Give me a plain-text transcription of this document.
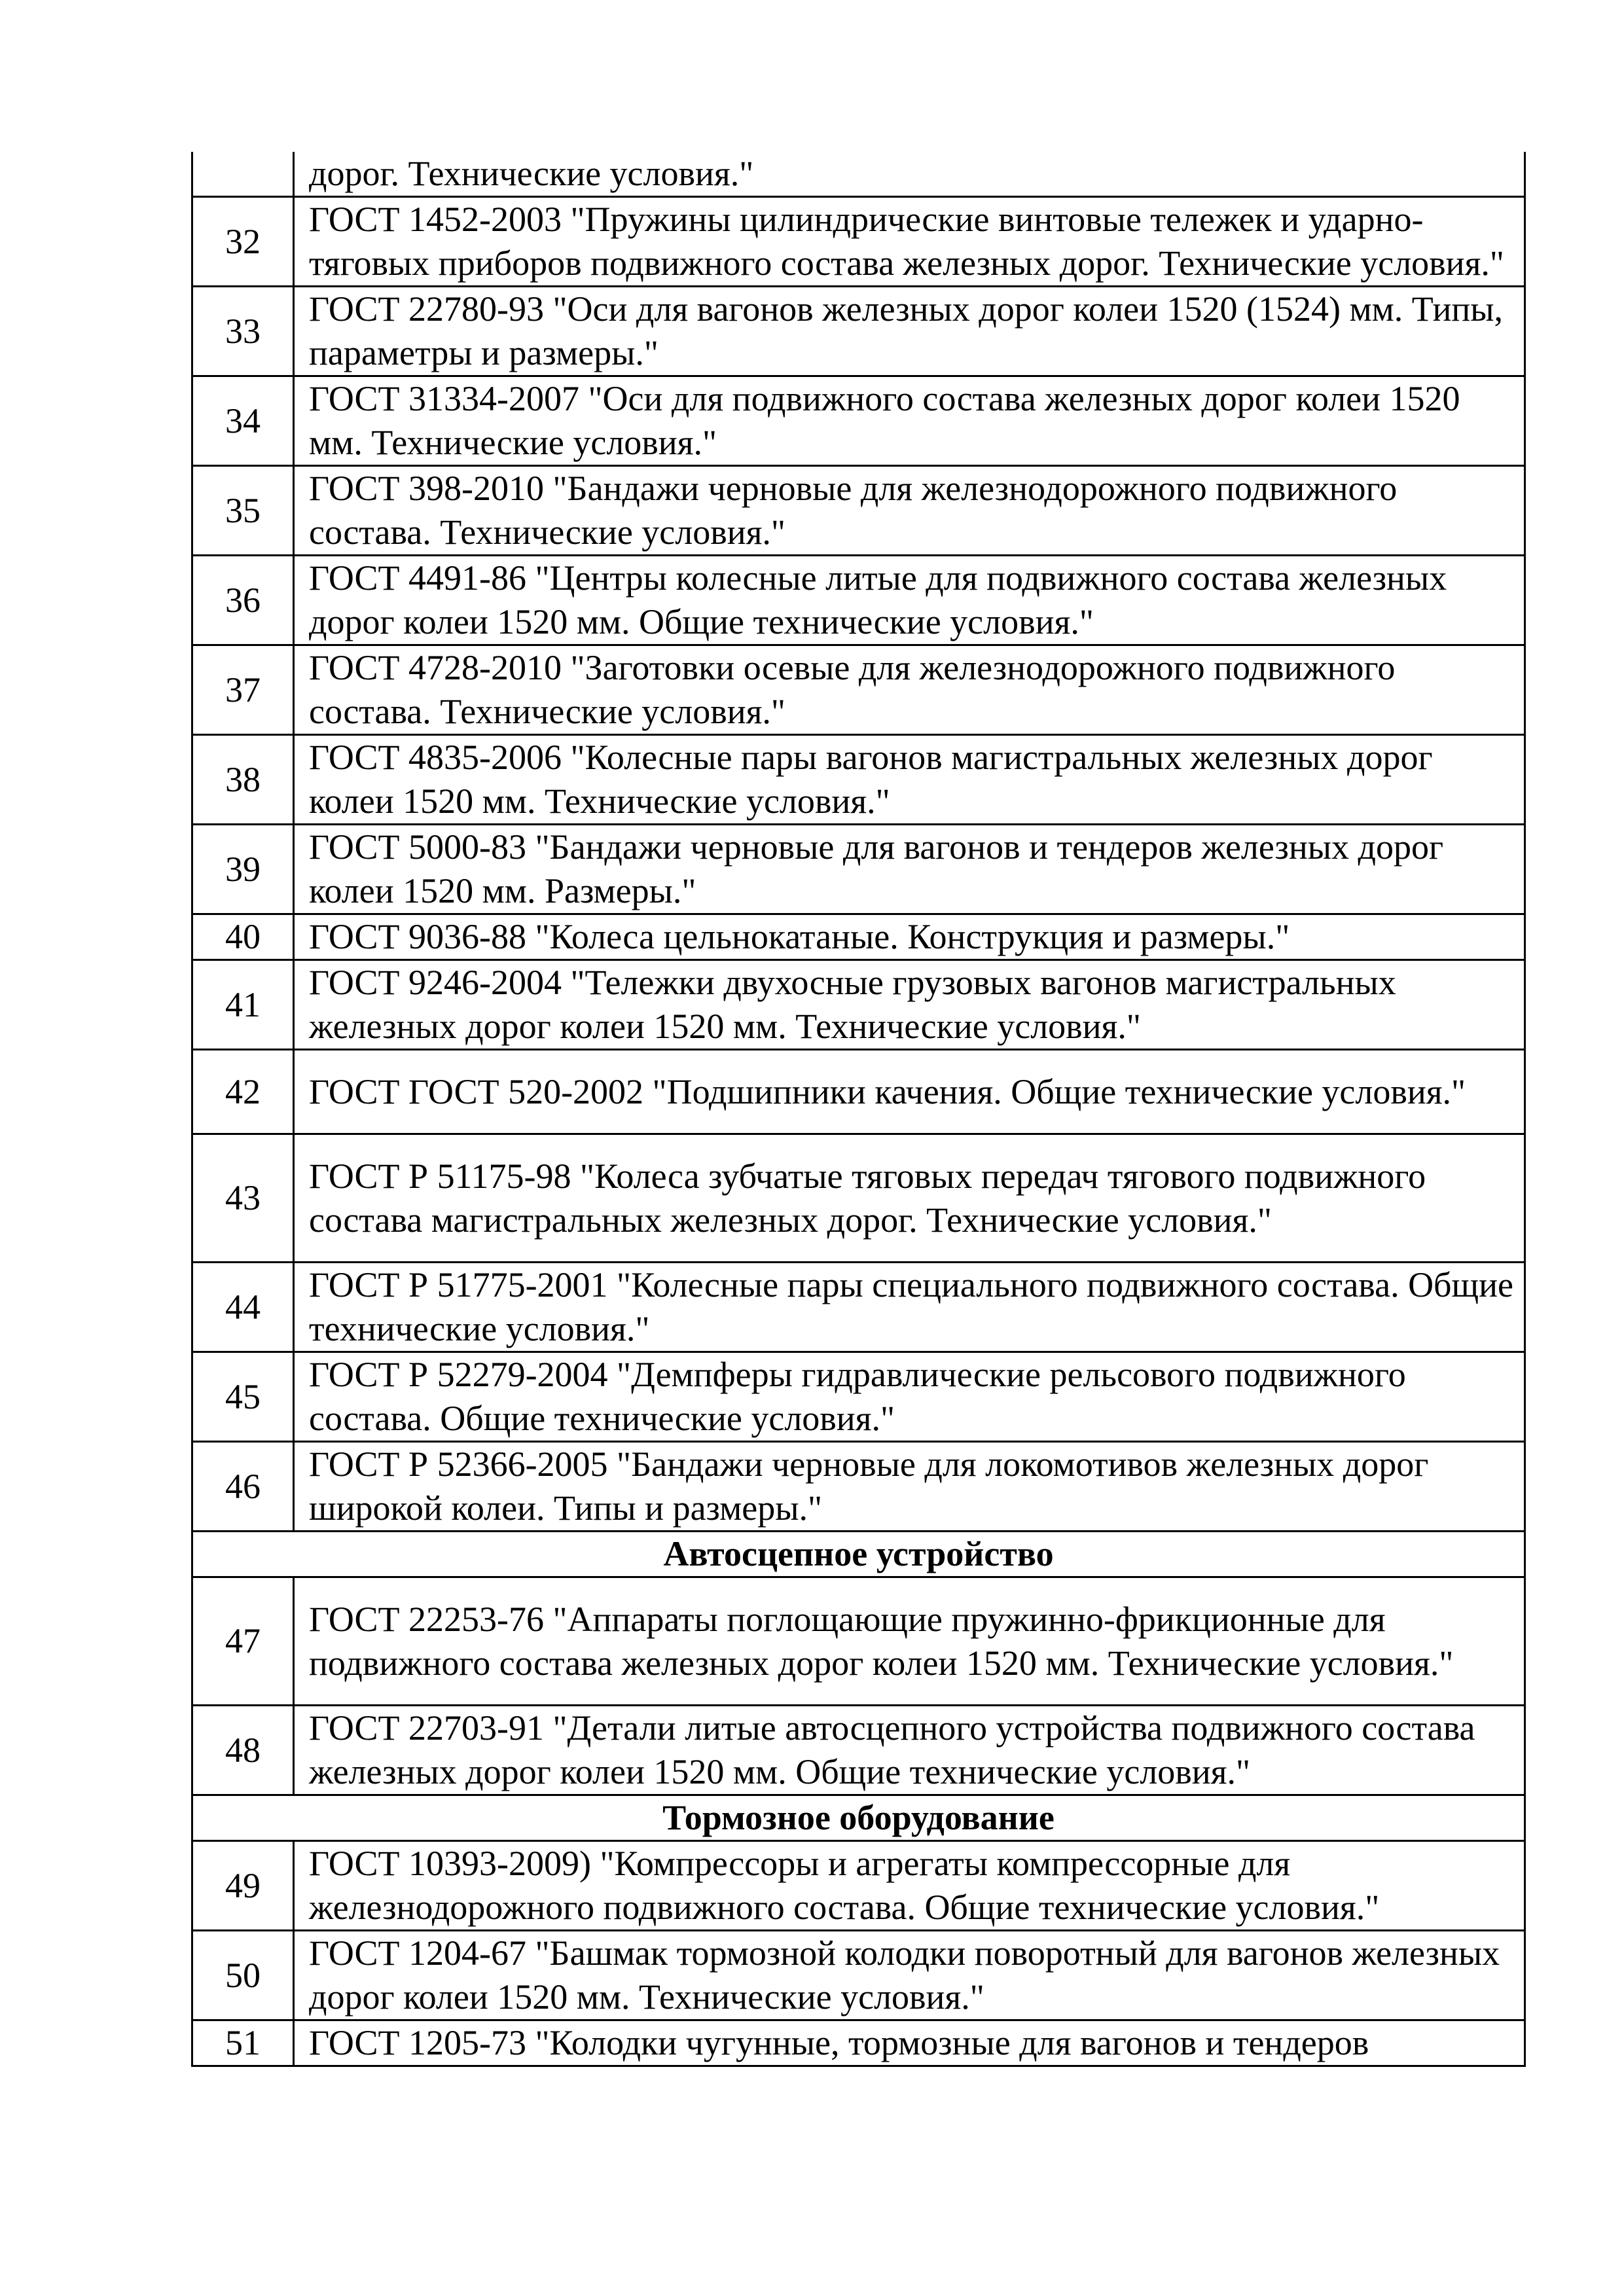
	дорог. Технические условия."
32	ГОСТ 1452-2003 "Пружины цилиндрические винтовые тележек и ударно-тяговых приборов подвижного состава железных дорог. Технические условия."
33	ГОСТ 22780-93 "Оси для вагонов железных дорог колеи 1520 (1524) мм. Типы, параметры и размеры."
34	ГОСТ 31334-2007 "Оси для подвижного состава железных дорог колеи 1520 мм. Технические условия."
35	ГОСТ 398-2010 "Бандажи черновые для железнодорожного подвижного состава. Технические условия."
36	ГОСТ 4491-86 "Центры колесные литые для подвижного состава железных дорог колеи 1520 мм. Общие технические условия."
37	ГОСТ 4728-2010 "Заготовки осевые для железнодорожного подвижного состава. Технические условия."
38	ГОСТ 4835-2006 "Колесные пары вагонов магистральных железных дорог колеи 1520 мм. Технические условия."
39	ГОСТ 5000-83 "Бандажи черновые для вагонов и тендеров железных дорог колеи 1520 мм. Размеры."
40	ГОСТ 9036-88 "Колеса цельнокатаные. Конструкция и размеры."
41	ГОСТ 9246-2004 "Тележки двухосные грузовых вагонов магистральных железных дорог колеи 1520 мм. Технические условия."
42	ГОСТ ГОСТ 520-2002 "Подшипники качения. Общие технические условия."
43	ГОСТ Р 51175-98 "Колеса зубчатые тяговых передач тягового подвижного состава магистральных железных дорог. Технические условия."
44	ГОСТ Р 51775-2001 "Колесные пары специального подвижного состава. Общие технические условия."
45	ГОСТ Р 52279-2004 "Демпферы гидравлические рельсового подвижного состава. Общие технические условия."
46	ГОСТ Р 52366-2005 "Бандажи черновые для локомотивов железных дорог широкой колеи. Типы и размеры."
Автосцепное устройство	
47	ГОСТ 22253-76 "Аппараты поглощающие пружинно-фрикционные для подвижного состава железных дорог колеи 1520 мм. Технические условия."
48	ГОСТ 22703-91 "Детали литые автосцепного устройства подвижного состава железных дорог колеи 1520 мм. Общие технические условия."
Тормозное оборудование	
49	ГОСТ 10393-2009) "Компрессоры и агрегаты компрессорные для железнодорожного подвижного состава. Общие технические условия."
50	ГОСТ 1204-67 "Башмак тормозной колодки поворотный для вагонов железных дорог колеи 1520 мм. Технические условия."
51	ГОСТ 1205-73 "Колодки чугунные, тормозные для вагонов и тендеров
